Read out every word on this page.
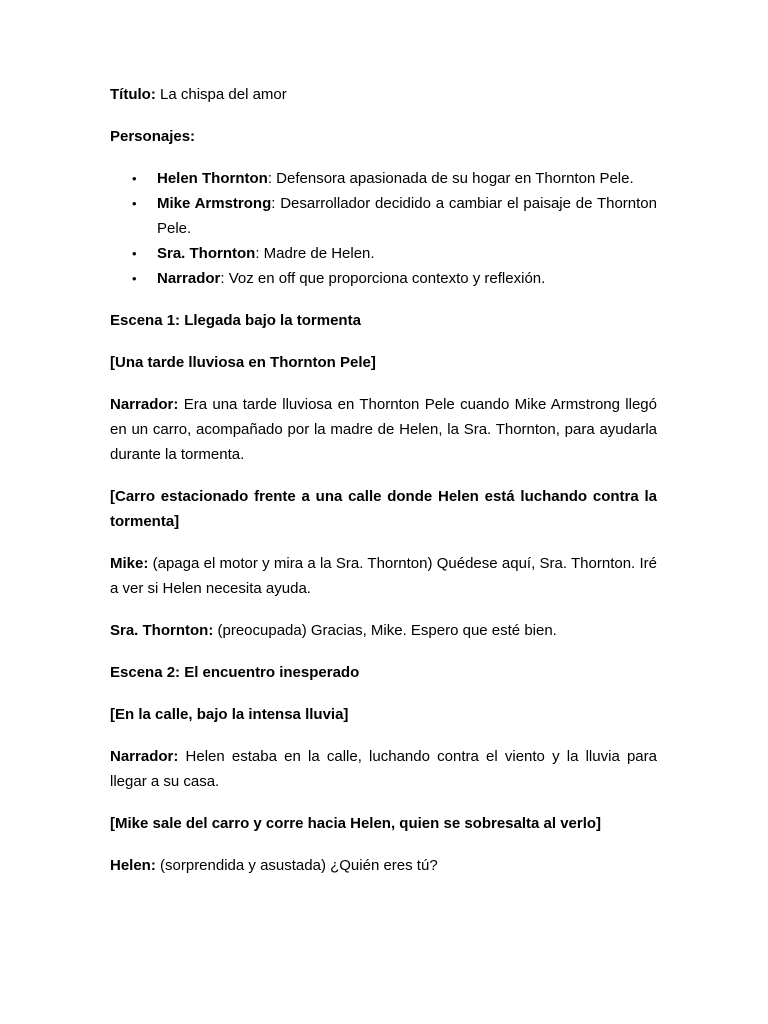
Título: La chispa del amor

Personajes:

• Helen Thornton: Defensora apasionada de su hogar en Thornton Pele.
• Mike Armstrong: Desarrollador decidido a cambiar el paisaje de Thornton Pele.
• Sra. Thornton: Madre de Helen.
• Narrador: Voz en off que proporciona contexto y reflexión.

Escena 1: Llegada bajo la tormenta

[Una tarde lluviosa en Thornton Pele]

Narrador: Era una tarde lluviosa en Thornton Pele cuando Mike Armstrong llegó en un carro, acompañado por la madre de Helen, la Sra. Thornton, para ayudarla durante la tormenta.

[Carro estacionado frente a una calle donde Helen está luchando contra la tormenta]

Mike: (apaga el motor y mira a la Sra. Thornton) Quédese aquí, Sra. Thornton. Iré a ver si Helen necesita ayuda.

Sra. Thornton: (preocupada) Gracias, Mike. Espero que esté bien.

Escena 2: El encuentro inesperado

[En la calle, bajo la intensa lluvia]

Narrador: Helen estaba en la calle, luchando contra el viento y la lluvia para llegar a su casa.

[Mike sale del carro y corre hacia Helen, quien se sobresalta al verlo]

Helen: (sorprendida y asustada) ¿Quién eres tú?
